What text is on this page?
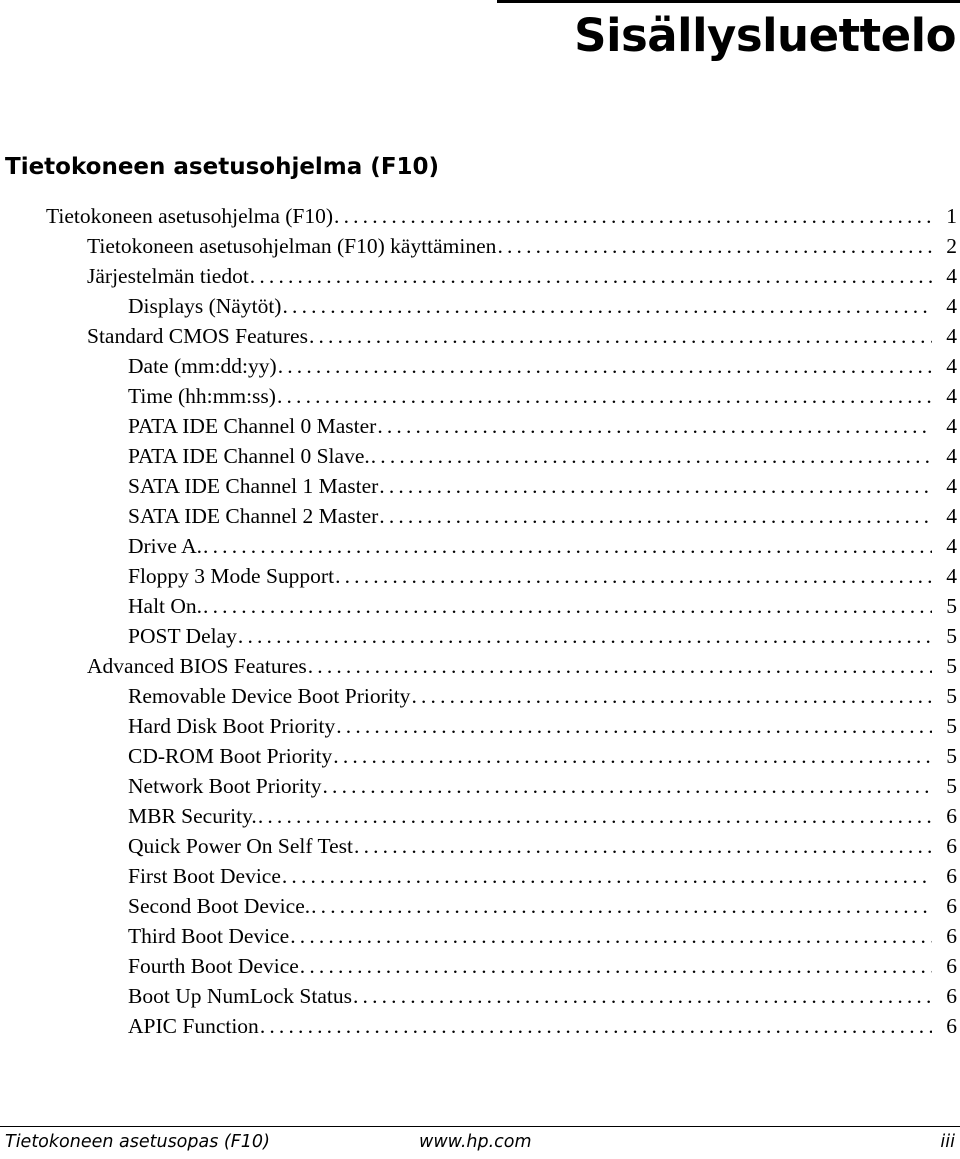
Sisällysluettelo
Tietokoneen asetusohjelma (F10)
Tietokoneen asetusohjelma (F10) . . .	1
Tietokoneen asetusohjelman (F10) käyttäminen . . .	2
Järjestelmän tiedot . . .	4
Displays (Näytöt) . . .	4
Standard CMOS Features . . .	4
Date (mm:dd:yy) . . .	4
Time (hh:mm:ss) . . .	4
PATA IDE Channel 0 Master . . .	4
PATA IDE Channel 0 Slave. . . .	4
SATA IDE Channel 1 Master . . .	4
SATA IDE Channel 2 Master . . .	4
Drive A. . . .	4
Floppy 3 Mode Support . . .	4
Halt On. . . .	5
POST Delay . . .	5
Advanced BIOS Features . . .	5
Removable Device Boot Priority . . .	5
Hard Disk Boot Priority . . .	5
CD-ROM Boot Priority . . .	5
Network Boot Priority . . .	5
MBR Security. . . .	6
Quick Power On Self Test . . .	6
First Boot Device . . .	6
Second Boot Device. . . .	6
Third Boot Device . . .	6
Fourth Boot Device . . .	6
Boot Up NumLock Status . . .	6
APIC Function . . .	6
Tietokoneen asetusopas (F10)	www.hp.com	iii
